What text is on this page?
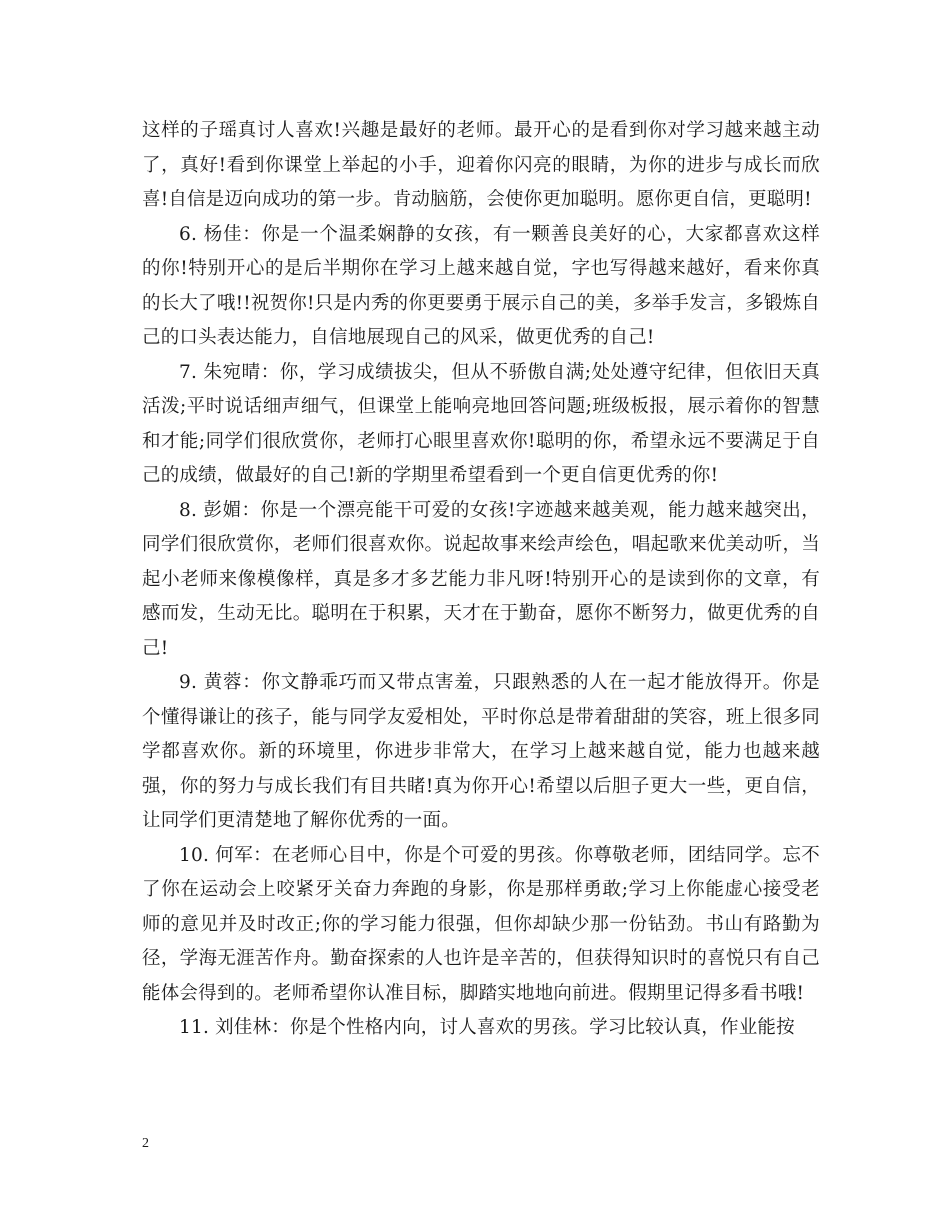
这样的子瑶真讨人喜欢!兴趣是最好的老师。最开心的是看到你对学习越来越主动了，真好!看到你课堂上举起的小手，迎着你闪亮的眼睛，为你的进步与成长而欣喜!自信是迈向成功的第一步。肯动脑筋，会使你更加聪明。愿你更自信，更聪明!

6. 杨佳：你是一个温柔娴静的女孩，有一颗善良美好的心，大家都喜欢这样的你!特别开心的是后半期你在学习上越来越自觉，字也写得越来越好，看来你真的长大了哦!!祝贺你!只是内秀的你更要勇于展示自己的美，多举手发言，多锻炼自己的口头表达能力，自信地展现自己的风采，做更优秀的自己!

7. 朱宛晴：你，学习成绩拔尖，但从不骄傲自满;处处遵守纪律，但依旧天真活泼;平时说话细声细气，但课堂上能响亮地回答问题;班级板报，展示着你的智慧和才能;同学们很欣赏你，老师打心眼里喜欢你!聪明的你，希望永远不要满足于自己的成绩，做最好的自己!新的学期里希望看到一个更自信更优秀的你!

8. 彭媚：你是一个漂亮能干可爱的女孩!字迹越来越美观，能力越来越突出，同学们很欣赏你，老师们很喜欢你。说起故事来绘声绘色，唱起歌来优美动听，当起小老师来像模像样，真是多才多艺能力非凡呀!特别开心的是读到你的文章，有感而发，生动无比。聪明在于积累，天才在于勤奋，愿你不断努力，做更优秀的自己!

9. 黄蓉：你文静乖巧而又带点害羞，只跟熟悉的人在一起才能放得开。你是个懂得谦让的孩子，能与同学友爱相处，平时你总是带着甜甜的笑容，班上很多同学都喜欢你。新的环境里，你进步非常大，在学习上越来越自觉，能力也越来越强，你的努力与成长我们有目共睹!真为你开心!希望以后胆子更大一些，更自信，让同学们更清楚地了解你优秀的一面。

10. 何军：在老师心目中，你是个可爱的男孩。你尊敬老师，团结同学。忘不了你在运动会上咬紧牙关奋力奔跑的身影，你是那样勇敢;学习上你能虚心接受老师的意见并及时改正;你的学习能力很强，但你却缺少那一份钻劲。书山有路勤为径，学海无涯苦作舟。勤奋探索的人也许是辛苦的，但获得知识时的喜悦只有自己能体会得到的。老师希望你认准目标，脚踏实地地向前进。假期里记得多看书哦!

11. 刘佳林：你是个性格内向，讨人喜欢的男孩。学习比较认真，作业能按

2
